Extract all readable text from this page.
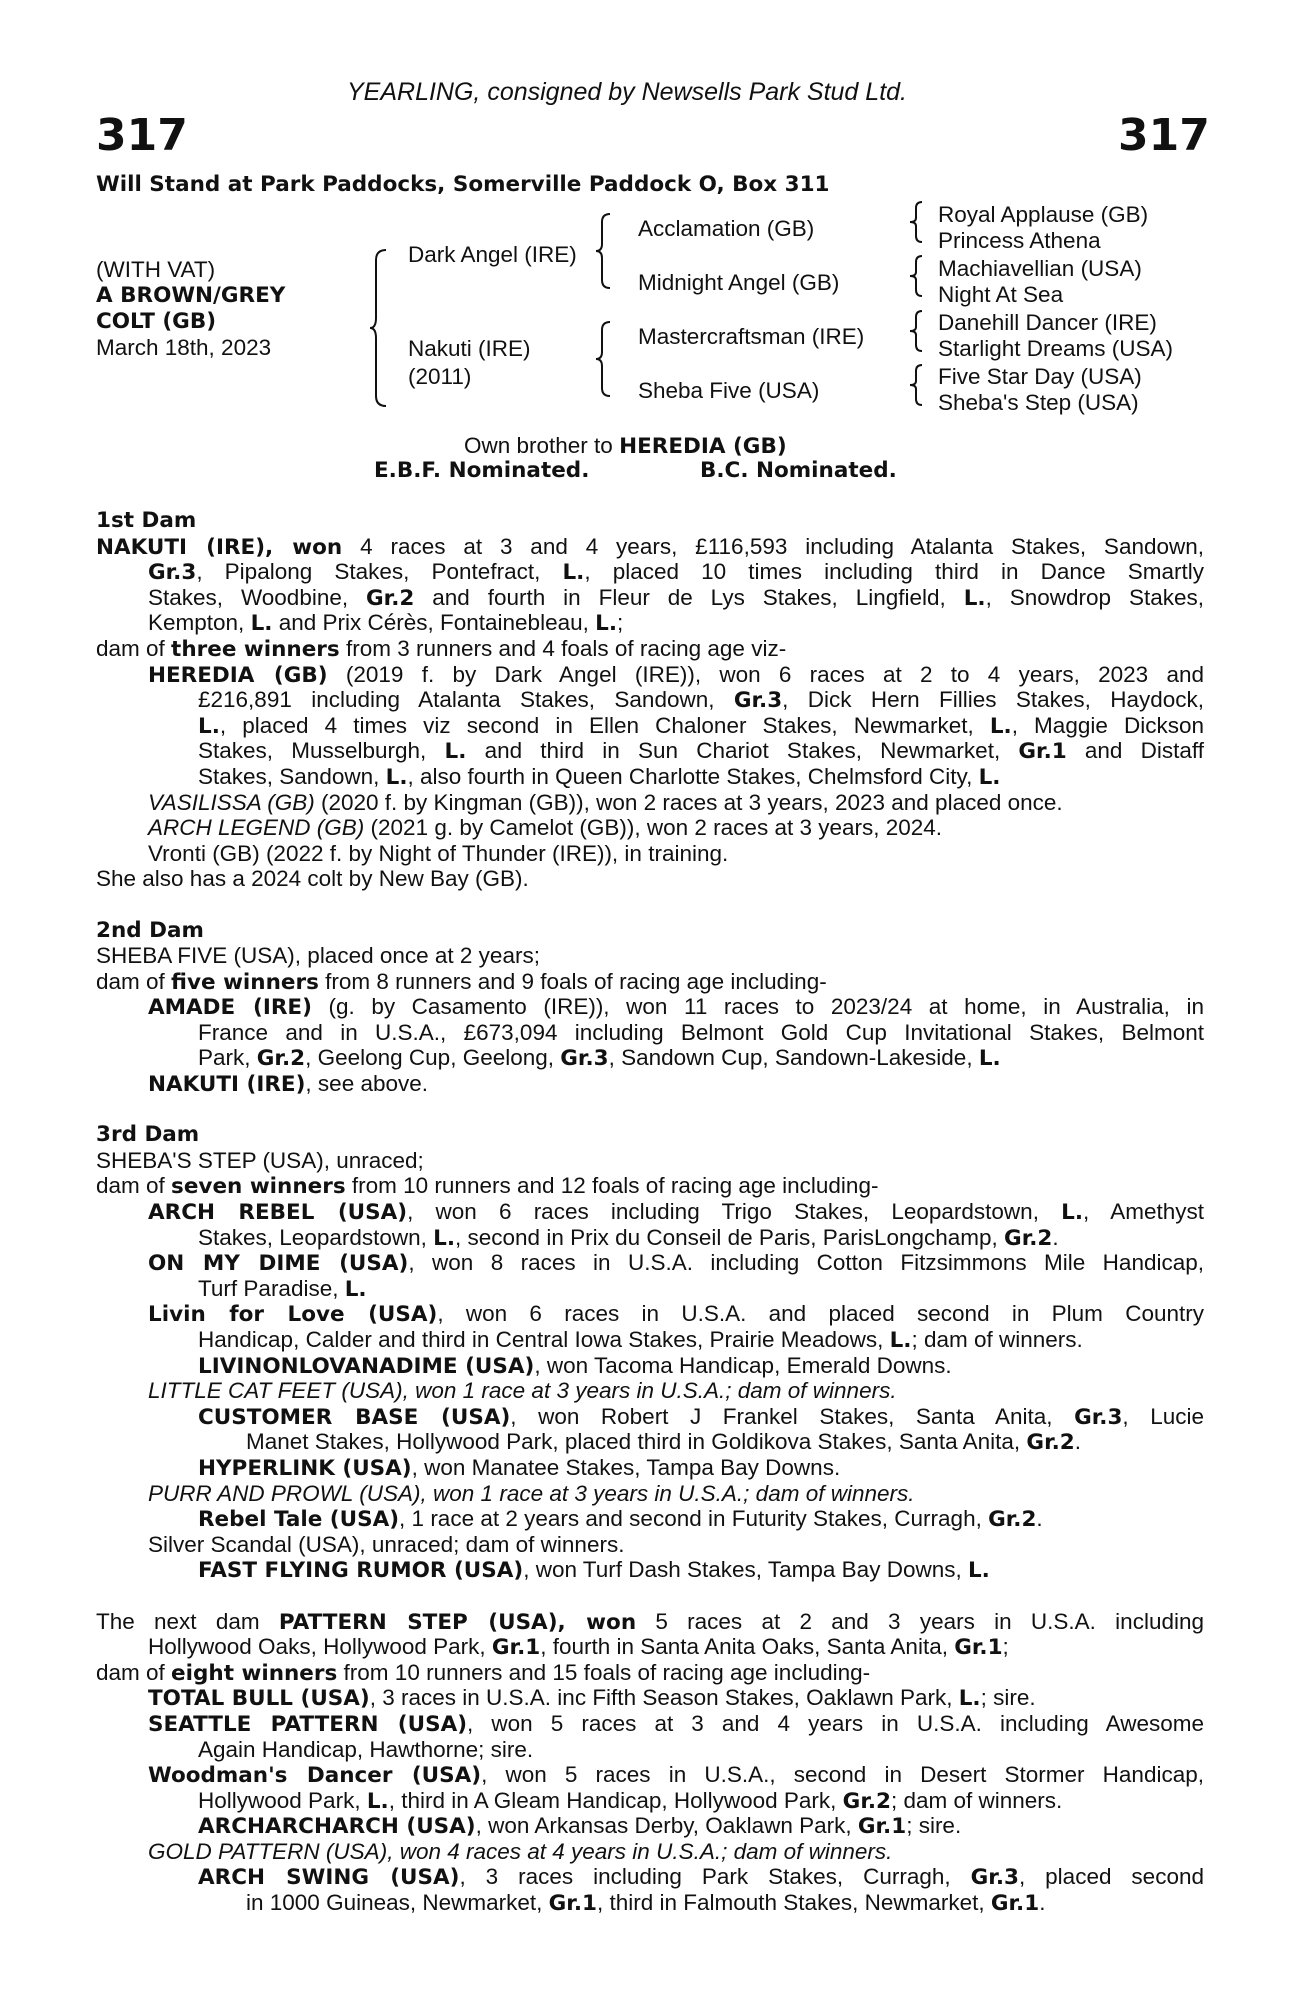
YEARLING, consigned by Newsells Park Stud Ltd.
317	317
Will Stand at Park Paddocks, Somerville Paddock O, Box 311
(WITH VAT)
A BROWN/GREY
COLT (GB)
March 18th, 2023
Dark Angel (IRE)
Nakuti (IRE)
(2011)
Acclamation (GB)
Midnight Angel (GB)
Mastercraftsman (IRE)
Sheba Five (USA)
Royal Applause (GB)
Princess Athena
Machiavellian (USA)
Night At Sea
Danehill Dancer (IRE)
Starlight Dreams (USA)
Five Star Day (USA)
Sheba's Step (USA)
Own brother to HEREDIA (GB)
E.B.F. Nominated.	B.C. Nominated.
1st Dam
NAKUTI (IRE), won 4 races at 3 and 4 years, £116,593 including Atalanta Stakes, Sandown,
Gr.3, Pipalong Stakes, Pontefract, L., placed 10 times including third in Dance Smartly
Stakes, Woodbine, Gr.2 and fourth in Fleur de Lys Stakes, Lingfield, L., Snowdrop Stakes,
Kempton, L. and Prix Cérès, Fontainebleau, L.;
dam of three winners from 3 runners and 4 foals of racing age viz-
HEREDIA (GB) (2019 f. by Dark Angel (IRE)), won 6 races at 2 to 4 years, 2023 and
£216,891 including Atalanta Stakes, Sandown, Gr.3, Dick Hern Fillies Stakes, Haydock,
L., placed 4 times viz second in Ellen Chaloner Stakes, Newmarket, L., Maggie Dickson
Stakes, Musselburgh, L. and third in Sun Chariot Stakes, Newmarket, Gr.1 and Distaff
Stakes, Sandown, L., also fourth in Queen Charlotte Stakes, Chelmsford City, L.
VASILISSA (GB) (2020 f. by Kingman (GB)), won 2 races at 3 years, 2023 and placed once.
ARCH LEGEND (GB) (2021 g. by Camelot (GB)), won 2 races at 3 years, 2024.
Vronti (GB) (2022 f. by Night of Thunder (IRE)), in training.
She also has a 2024 colt by New Bay (GB).
2nd Dam
SHEBA FIVE (USA), placed once at 2 years;
dam of five winners from 8 runners and 9 foals of racing age including-
AMADE (IRE) (g. by Casamento (IRE)), won 11 races to 2023/24 at home, in Australia, in
France and in U.S.A., £673,094 including Belmont Gold Cup Invitational Stakes, Belmont
Park, Gr.2, Geelong Cup, Geelong, Gr.3, Sandown Cup, Sandown-Lakeside, L.
NAKUTI (IRE), see above.
3rd Dam
SHEBA'S STEP (USA), unraced;
dam of seven winners from 10 runners and 12 foals of racing age including-
ARCH REBEL (USA), won 6 races including Trigo Stakes, Leopardstown, L., Amethyst
Stakes, Leopardstown, L., second in Prix du Conseil de Paris, ParisLongchamp, Gr.2.
ON MY DIME (USA), won 8 races in U.S.A. including Cotton Fitzsimmons Mile Handicap,
Turf Paradise, L.
Livin for Love (USA), won 6 races in U.S.A. and placed second in Plum Country
Handicap, Calder and third in Central Iowa Stakes, Prairie Meadows, L.; dam of winners.
LIVINONLOVANADIME (USA), won Tacoma Handicap, Emerald Downs.
LITTLE CAT FEET (USA), won 1 race at 3 years in U.S.A.; dam of winners.
CUSTOMER BASE (USA), won Robert J Frankel Stakes, Santa Anita, Gr.3, Lucie
Manet Stakes, Hollywood Park, placed third in Goldikova Stakes, Santa Anita, Gr.2.
HYPERLINK (USA), won Manatee Stakes, Tampa Bay Downs.
PURR AND PROWL (USA), won 1 race at 3 years in U.S.A.; dam of winners.
Rebel Tale (USA), 1 race at 2 years and second in Futurity Stakes, Curragh, Gr.2.
Silver Scandal (USA), unraced; dam of winners.
FAST FLYING RUMOR (USA), won Turf Dash Stakes, Tampa Bay Downs, L.
The next dam PATTERN STEP (USA), won 5 races at 2 and 3 years in U.S.A. including
Hollywood Oaks, Hollywood Park, Gr.1, fourth in Santa Anita Oaks, Santa Anita, Gr.1;
dam of eight winners from 10 runners and 15 foals of racing age including-
TOTAL BULL (USA), 3 races in U.S.A. inc Fifth Season Stakes, Oaklawn Park, L.; sire.
SEATTLE PATTERN (USA), won 5 races at 3 and 4 years in U.S.A. including Awesome
Again Handicap, Hawthorne; sire.
Woodman's Dancer (USA), won 5 races in U.S.A., second in Desert Stormer Handicap,
Hollywood Park, L., third in A Gleam Handicap, Hollywood Park, Gr.2; dam of winners.
ARCHARCHARCH (USA), won Arkansas Derby, Oaklawn Park, Gr.1; sire.
GOLD PATTERN (USA), won 4 races at 4 years in U.S.A.; dam of winners.
ARCH SWING (USA), 3 races including Park Stakes, Curragh, Gr.3, placed second
in 1000 Guineas, Newmarket, Gr.1, third in Falmouth Stakes, Newmarket, Gr.1.
